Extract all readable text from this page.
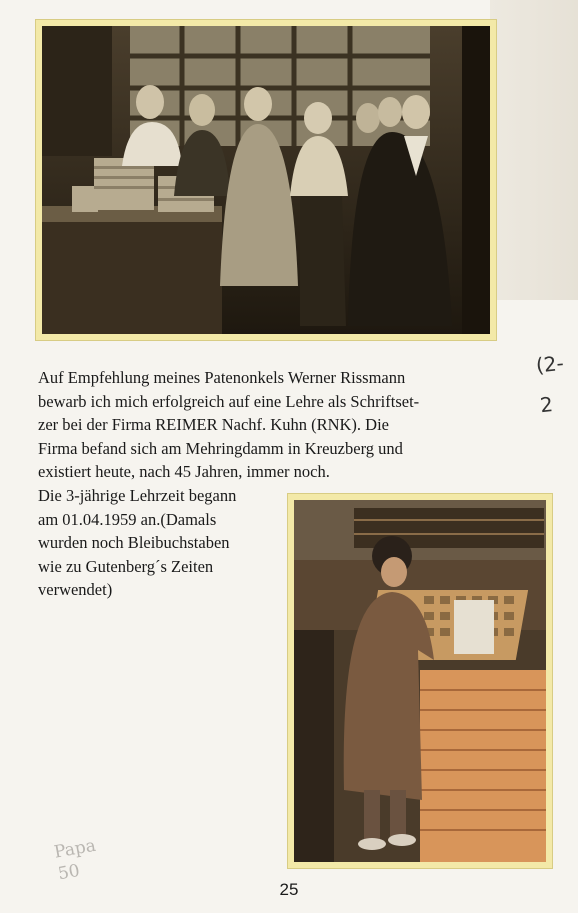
Auf Empfehlung meines Patenonkels Werner Rissmann
bewarb ich mich erfolgreich auf eine Lehre als Schriftset-
zer bei der Firma REIMER Nachf. Kuhn (RNK). Die
Firma befand sich am Mehringdamm in Kreuzberg und
existiert heute, nach 45 Jahren, immer noch.

Die 3-jährige Lehrzeit begann
am 01.04.1959 an.(Damals
wurden noch Bleibuchstaben
wie zu Gutenberg´s Zeiten
verwendet)
(2-
2
Papa
50
25
